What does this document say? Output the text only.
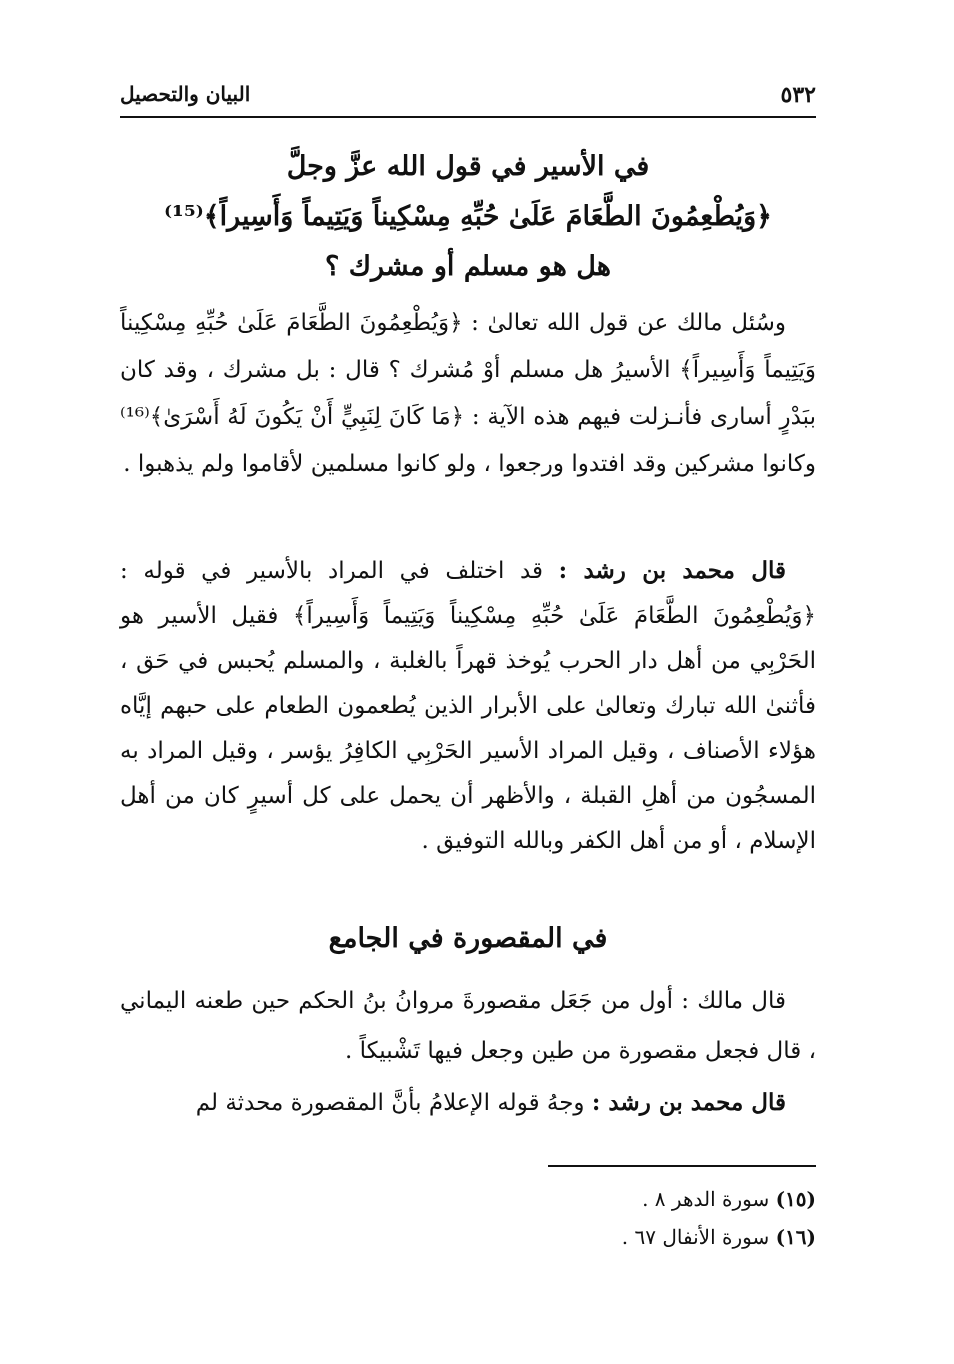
٥٣٢
البيان والتحصيل
في الأسير في قول الله عزَّ وجلَّ
﴿وَيُطْعِمُونَ الطَّعَامَ عَلَىٰ حُبِّهِ مِسْكِيناً وَيَتِيماً وَأَسِيراً﴾⁽¹⁵⁾
هل هو مسلم أو مشرك ؟
وسُئل مالك عن قول الله تعالىٰ : ﴿وَيُطْعِمُونَ الطَّعَامَ عَلَىٰ حُبِّهِ مِسْكِيناً وَيَتِيماً وَأَسِيراً﴾ الأسيرُ هل مسلم أوْ مُشرك ؟ قال : بل مشرك ، وقد كان ببَدْرٍ أسارى فأنـزلت فيهم هذه الآية : ﴿مَا كَانَ لِنَبِيٍّ أَنْ يَكُونَ لَهُ أَسْرَىٰ﴾⁽¹⁶⁾ وكانوا مشركين وقد افتدوا ورجعوا ، ولو كانوا مسلمين لأقاموا ولم يذهبوا .
قال محمد بن رشد : قد اختلف في المراد بالأسير في قوله : ﴿وَيُطْعِمُونَ الطَّعَامَ عَلَىٰ حُبِّهِ مِسْكِيناً وَيَتِيماً وَأَسِيراً﴾ فقيل الأسير هو الحَرْبِي من أهل دار الحرب يُوخذ قهراً بالغلبة ، والمسلم يُحبس في حَق ، فأثنىٰ الله تبارك وتعالىٰ على الأبرار الذين يُطعمون الطعام على حبهم إيَّاه هؤلاء الأصناف ، وقيل المراد الأسير الحَرْبِي الكافِرُ يؤسر ، وقيل المراد به المسجُون من أهلِ القبلة ، والأظهر أن يحمل على كل أسيرٍ كان من أهل الإسلام ، أو من أهل الكفر وبالله التوفيق .
في المقصورة في الجامع
قال مالك : أول من جَعَل مقصورةَ مروانُ بنُ الحكم حين طعنه اليماني ، قال فجعل مقصورة من طين وجعل فيها تَشْبيكاً .
قال محمد بن رشد : وجهُ قوله الإعلامُ بأنَّ المقصورة محدثة لم
(١٥) سورة الدهر ٨ .
(١٦) سورة الأنفال ٦٧ .
